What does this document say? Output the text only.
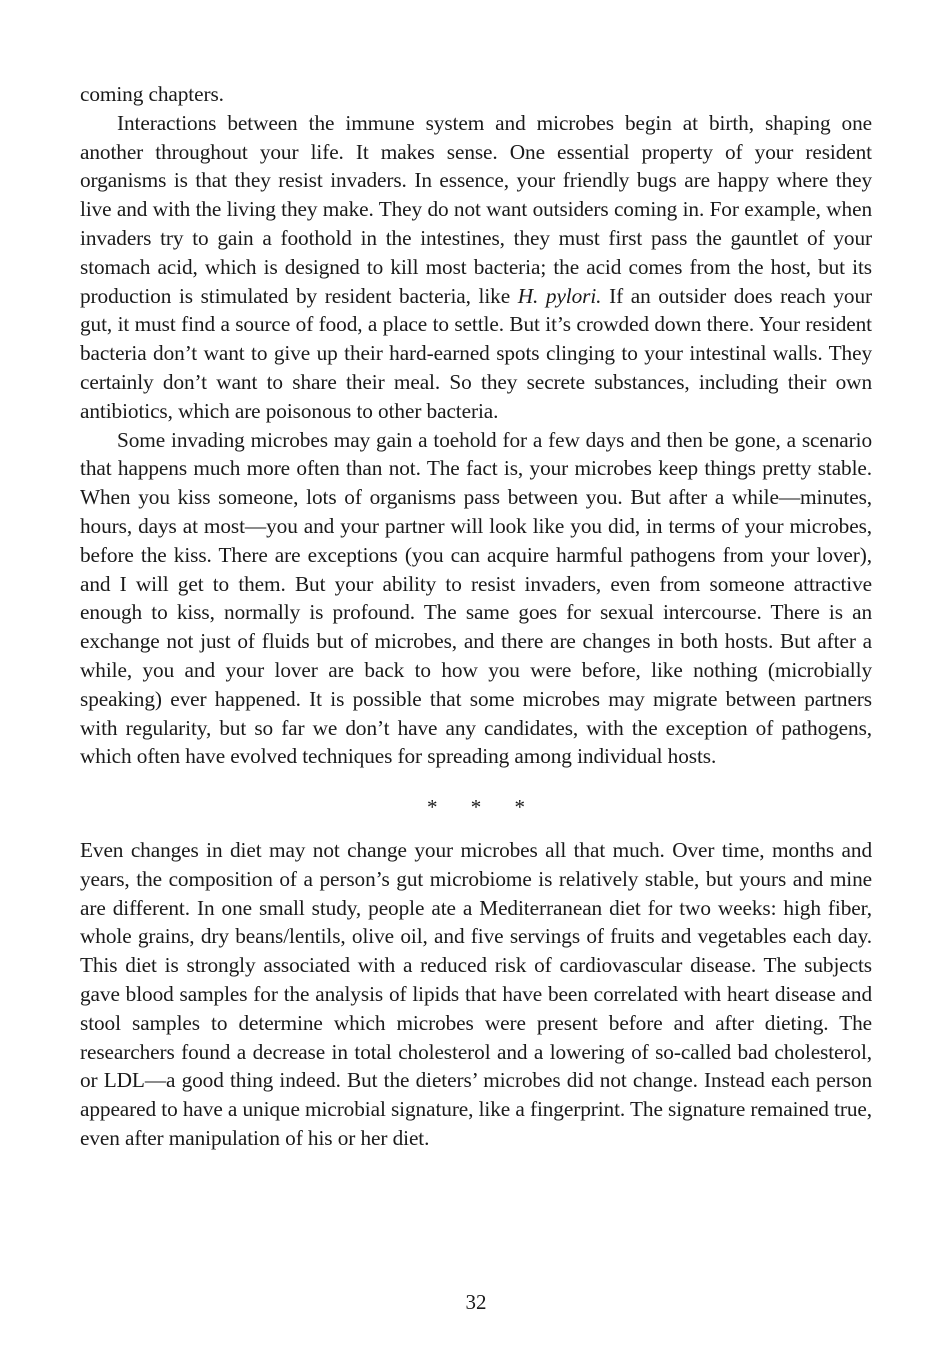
coming chapters.

Interactions between the immune system and microbes begin at birth, shaping one another throughout your life. It makes sense. One essential property of your resident organisms is that they resist invaders. In essence, your friendly bugs are happy where they live and with the living they make. They do not want outsiders coming in. For example, when invaders try to gain a foothold in the intestines, they must first pass the gauntlet of your stomach acid, which is designed to kill most bacteria; the acid comes from the host, but its production is stimulated by resident bacteria, like H. pylori. If an outsider does reach your gut, it must find a source of food, a place to settle. But it’s crowded down there. Your resident bacteria don’t want to give up their hard-earned spots clinging to your intestinal walls. They certainly don’t want to share their meal. So they secrete substances, including their own antibiotics, which are poisonous to other bacteria.

Some invading microbes may gain a toehold for a few days and then be gone, a scenario that happens much more often than not. The fact is, your microbes keep things pretty stable. When you kiss someone, lots of organisms pass between you. But after a while—minutes, hours, days at most—you and your partner will look like you did, in terms of your microbes, before the kiss. There are exceptions (you can acquire harmful pathogens from your lover), and I will get to them. But your ability to resist invaders, even from someone attractive enough to kiss, normally is profound. The same goes for sexual intercourse. There is an exchange not just of fluids but of microbes, and there are changes in both hosts. But after a while, you and your lover are back to how you were before, like nothing (microbially speaking) ever happened. It is possible that some microbes may migrate between partners with regularity, but so far we don’t have any candidates, with the exception of pathogens, which often have evolved techniques for spreading among individual hosts.

* * *

Even changes in diet may not change your microbes all that much. Over time, months and years, the composition of a person’s gut microbiome is relatively stable, but yours and mine are different. In one small study, people ate a Mediterranean diet for two weeks: high fiber, whole grains, dry beans/lentils, olive oil, and five servings of fruits and vegetables each day. This diet is strongly associated with a reduced risk of cardiovascular disease. The subjects gave blood samples for the analysis of lipids that have been correlated with heart disease and stool samples to determine which microbes were present before and after dieting. The researchers found a decrease in total cholesterol and a lowering of so-called bad cholesterol, or LDL—a good thing indeed. But the dieters’ microbes did not change. Instead each person appeared to have a unique microbial signature, like a fingerprint. The signature remained true, even after manipulation of his or her diet.

32
